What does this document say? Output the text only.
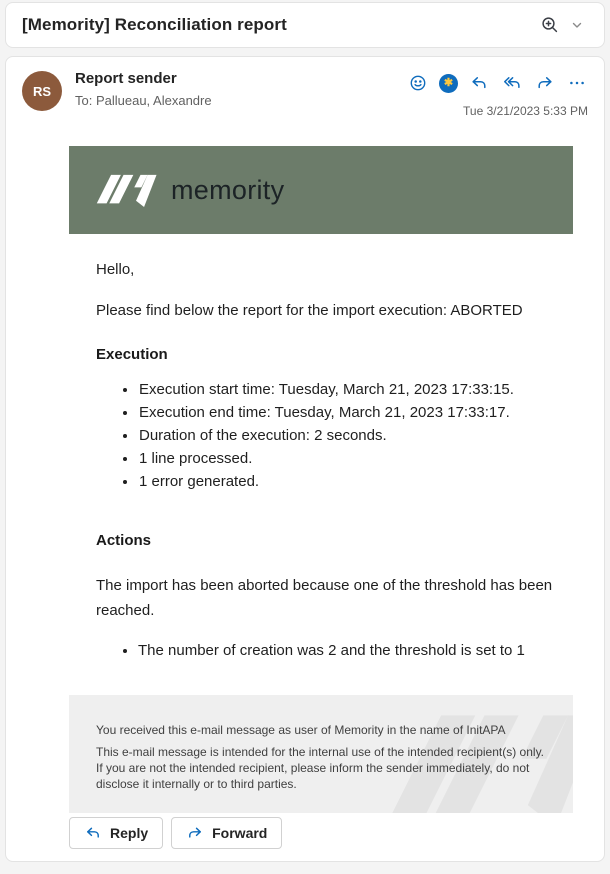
[Memority] Reconciliation report
RS
Report sender
To: Pallueau, Alexandre
✱
Tue 3/21/2023 5:33 PM
memority

Hello,

Please find below the report for the import execution: ABORTED

Execution

• Execution start time: Tuesday, March 21, 2023 17:33:15.
• Execution end time: Tuesday, March 21, 2023 17:33:17.
• Duration of the execution: 2 seconds.
• 1 line processed.
• 1 error generated.

Actions

The import has been aborted because one of the threshold has been reached.

• The number of creation was 2 and the threshold is set to 1

You received this e-mail message as user of Memority in the name of InitAPA

This e-mail message is intended for the internal use of the intended recipient(s) only.
If you are not the intended recipient, please inform the sender immediately, do not disclose it internally or to third parties.

Reply	Forward
